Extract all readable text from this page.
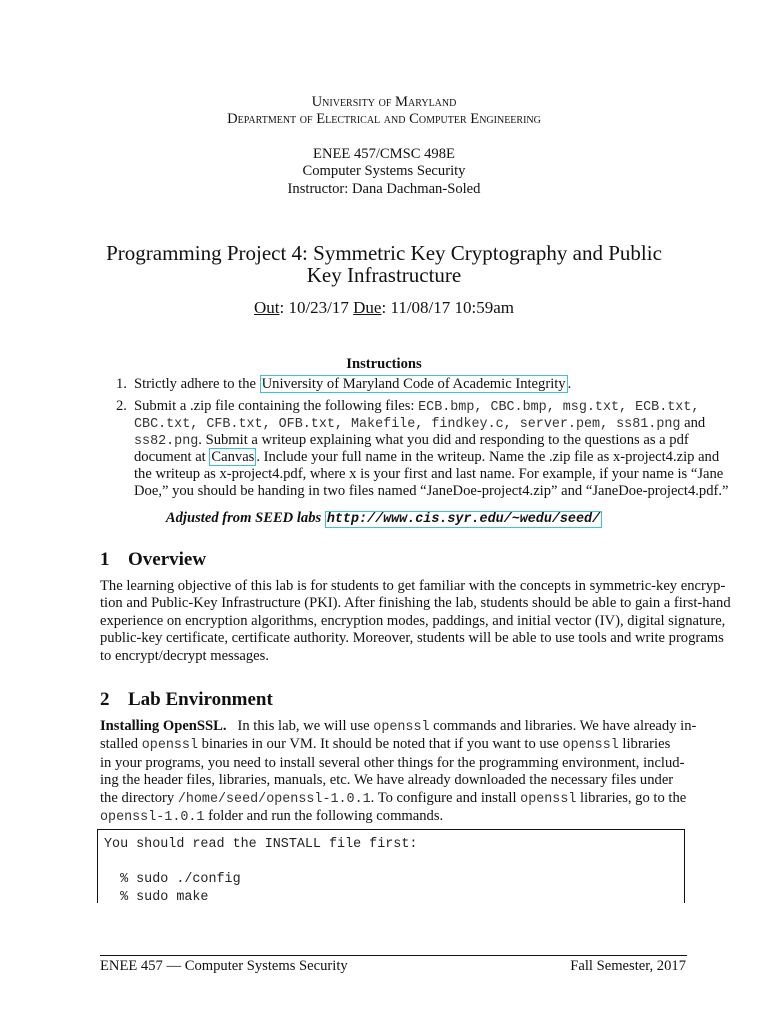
University of Maryland
Department of Electrical and Computer Engineering
ENEE 457/CMSC 498E
Computer Systems Security
Instructor: Dana Dachman-Soled
Programming Project 4: Symmetric Key Cryptography and Public
Key Infrastructure
Out: 10/23/17 Due: 11/08/17 10:59am
Instructions
1. Strictly adhere to the University of Maryland Code of Academic Integrity .
2. Submit a .zip file containing the following files: ECB.bmp, CBC.bmp, msg.txt, ECB.txt,
CBC.txt, CFB.txt, OFB.txt, Makefile, findkey.c, server.pem, ss81.png and
ss82.png. Submit a writeup explaining what you did and responding to the questions as a pdf
document at Canvas . Include your full name in the writeup. Name the .zip file as x-project4.zip and
the writeup as x-project4.pdf, where x is your first and last name. For example, if your name is “Jane
Doe,” you should be handing in two files named “JaneDoe-project4.zip” and “JaneDoe-project4.pdf.”
Adjusted from SEED labs http://www.cis.syr.edu/~wedu/seed/
1 Overview
The learning objective of this lab is for students to get familiar with the concepts in symmetric-key encryp-
tion and Public-Key Infrastructure (PKI). After finishing the lab, students should be able to gain a first-hand
experience on encryption algorithms, encryption modes, paddings, and initial vector (IV), digital signature,
public-key certificate, certificate authority. Moreover, students will be able to use tools and write programs
to encrypt/decrypt messages.
2 Lab Environment
Installing OpenSSL.   In this lab, we will use openssl commands and libraries. We have already in-
stalled openssl binaries in our VM. It should be noted that if you want to use openssl libraries
in your programs, you need to install several other things for the programming environment, includ-
ing the header files, libraries, manuals, etc. We have already downloaded the necessary files under
the directory /home/seed/openssl-1.0.1. To configure and install openssl libraries, go to the
openssl-1.0.1 folder and run the following commands.
You should read the INSTALL file first:
% sudo ./config
% sudo make
ENEE 457 — Computer Systems Security	Fall Semester, 2017
